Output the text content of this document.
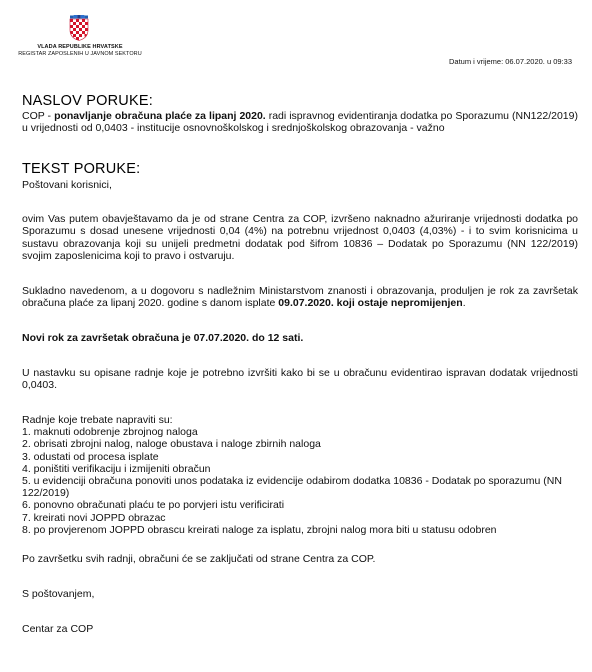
VLADA REPUBLIKE HRVATSKE
REGISTAR ZAPOSLENIH U JAVNOM SEKTORU
Datum i vrijeme: 06.07.2020. u 09:33
NASLOV PORUKE:
COP - ponavljanje obračuna plaće za lipanj 2020. radi ispravnog evidentiranja dodatka po Sporazumu (NN122/2019) u vrijednosti od 0,0403 - institucije osnovnoškolskog i srednjoškolskog obrazovanja - važno
TEKST PORUKE:
Poštovani korisnici,
ovim Vas putem obavještavamo da je od strane Centra za COP, izvršeno naknadno ažuriranje vrijednosti dodatka po Sporazumu s dosad unesene vrijednosti 0,04 (4%) na potrebnu vrijednost 0,0403 (4,03%) - i to svim korisnicima u sustavu obrazovanja koji su unijeli predmetni dodatak pod šifrom 10836 – Dodatak po Sporazumu (NN 122/2019) svojim zaposlenicima koji to pravo i ostvaruju.
Sukladno navedenom, a u dogovoru s nadležnim Ministarstvom znanosti i obrazovanja, produljen je rok za završetak obračuna plaće za lipanj 2020. godine s danom isplate 09.07.2020. koji ostaje nepromijenjen.
Novi rok za završetak obračuna je 07.07.2020. do 12 sati.
U nastavku su opisane radnje koje je potrebno izvršiti kako bi se u obračunu evidentirao ispravan dodatak vrijednosti 0,0403.
Radnje koje trebate napraviti su:
1. maknuti odobrenje zbrojnog naloga
2. obrisati zbrojni nalog, naloge obustava i naloge zbirnih naloga
3. odustati od procesa isplate
4. poništiti verifikaciju i izmijeniti obračun
5. u evidenciji obračuna ponoviti unos podataka iz evidencije odabirom dodatka 10836 - Dodatak po sporazumu (NN 122/2019)
6. ponovno obračunati plaću te po porvjeri istu verificirati
7. kreirati novi JOPPD obrazac
8. po provjerenom JOPPD obrascu kreirati naloge za isplatu, zbrojni nalog mora biti u statusu odobren
Po završetku svih radnji, obračuni će se zaključati od strane Centra za COP.
S poštovanjem,
Centar za COP
